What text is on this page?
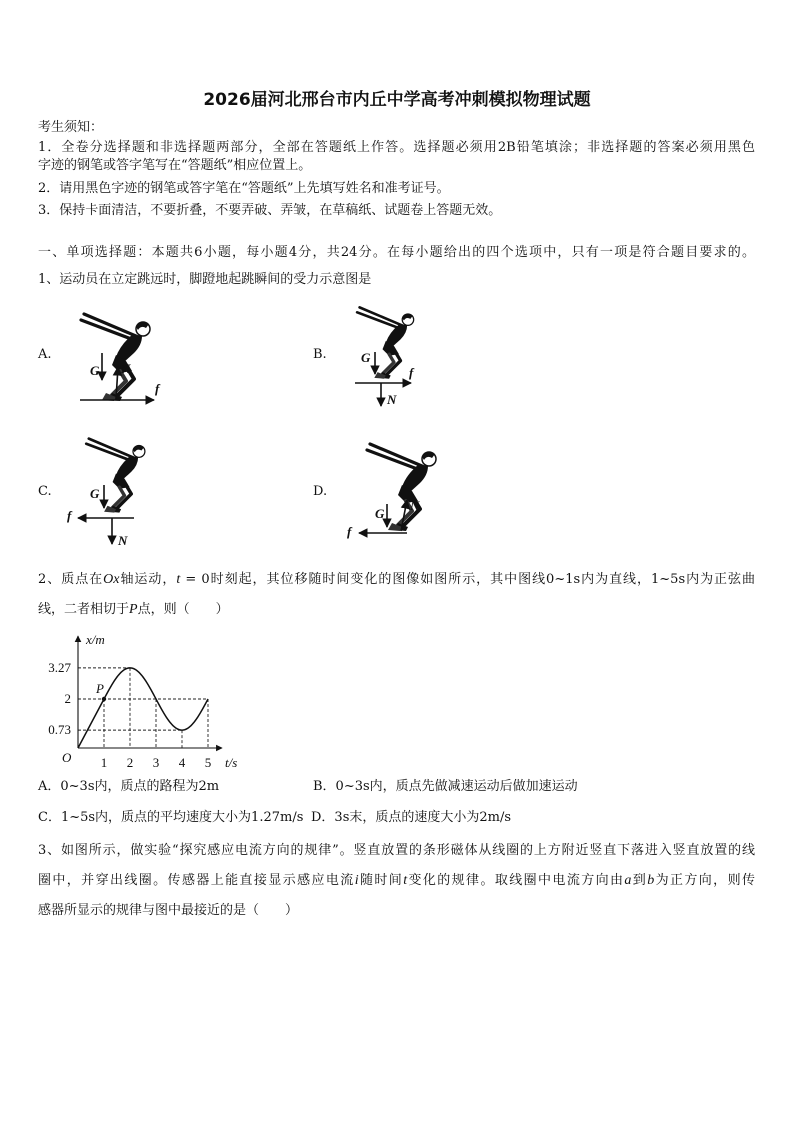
2026届河北邢台市内丘中学高考冲刺模拟物理试题
考生须知：
1．全卷分选择题和非选择题两部分，全部在答题纸上作答。选择题必须用2B铅笔填涂；非选择题的答案必须用黑色
字迹的钢笔或答字笔写在“答题纸”相应位置上。
2．请用黑色字迹的钢笔或答字笔在“答题纸”上先填写姓名和准考证号。
3．保持卡面清洁，不要折叠，不要弄破、弄皱，在草稿纸、试题卷上答题无效。
一、单项选择题：本题共6小题，每小题4分，共24分。在每小题给出的四个选项中，只有一项是符合题目要求的。
1、运动员在立定跳远时，脚蹬地起跳瞬间的受力示意图是
A.
G N
f
B.	G
N
f
C.	G
N
f
D.
G
N
f
2、质点在Ox轴运动，t = 0时刻起，其位移随时间变化的图像如图所示，其中图线0~1s内为直线，1~5s内为正弦曲
线，二者相切于P点，则（　　）
P
1 2 3 4 5
3.27
2
0.73
O	t/s
x/m
A．0~3s内，质点的路程为2m	B．0~3s内，质点先做减速运动后做加速运动
C．1~5s内，质点的平均速度大小为1.27m/s D．3s末，质点的速度大小为2m/s
3、如图所示，做实验“探究感应电流方向的规律”。竖直放置的条形磁体从线圈的上方附近竖直下落进入竖直放置的线
圈中，并穿出线圈。传感器上能直接显示感应电流i随时间t变化的规律。取线圈中电流方向由a到b为正方向，则传
感器所显示的规律与图中最接近的是（　　）
